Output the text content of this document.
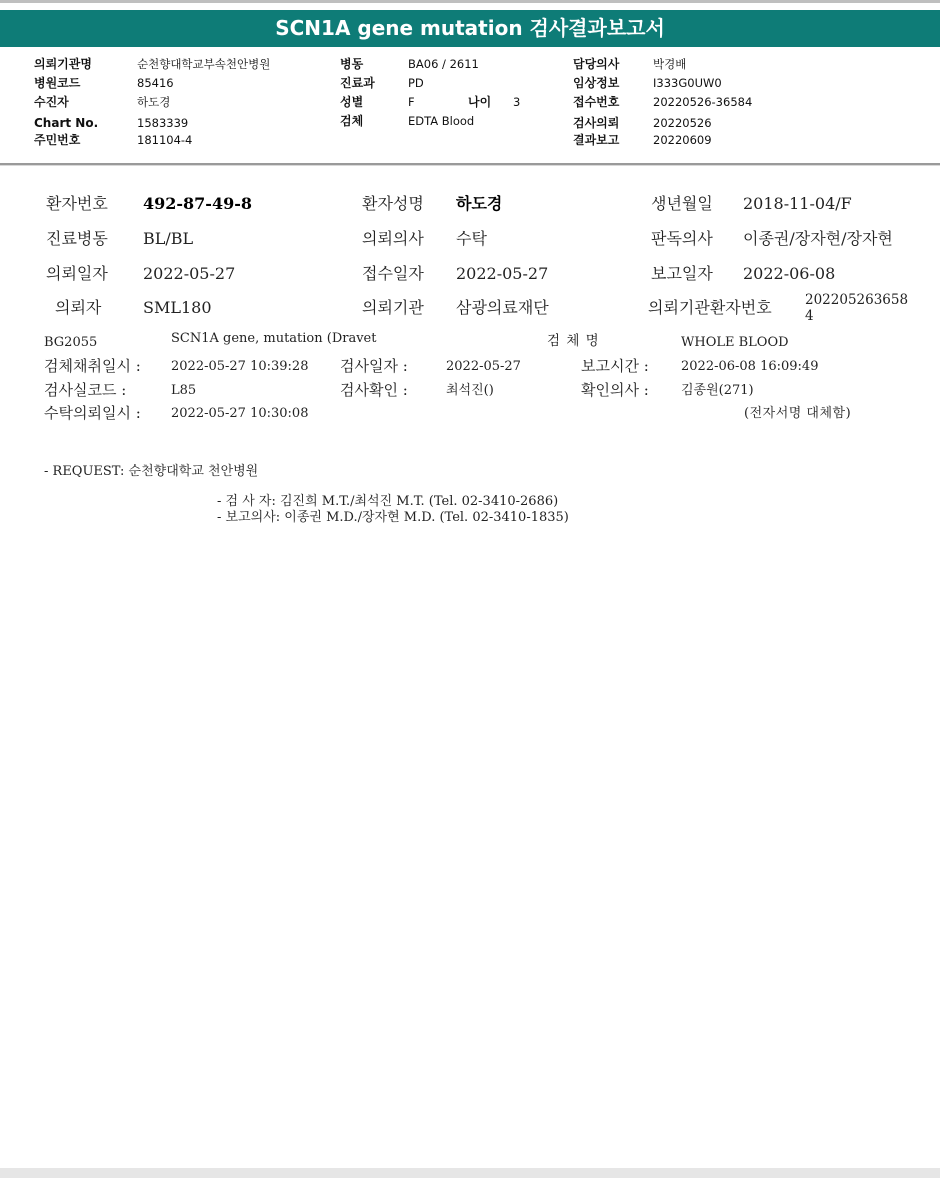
SCN1A gene mutation 검사결과보고서
의뢰기관명	순천향대학교부속천안병원
병원코드	85416
수진자	하도경
Chart No.	1583339
주민번호	181104-4
병동	BA06 / 2611
진료과	PD
성별	F	나이 3
검체	EDTA Blood
담당의사	박경배
임상정보	I333G0UW0
접수번호	20220526-36584
검사의뢰	20220526
결과보고	20220609
환자번호 492-87-49-8	환자성명 하도경	생년월일 2018-11-04/F
진료병동 BL/BL	의뢰의사 수탁	판독의사 이종권/장자현/장자현
의뢰일자 2022-05-27	접수일자 2022-05-27	보고일자 2022-06-08
의뢰자	SML180	의뢰기관 삼광의료재단	의뢰기관환자번호 202205263658
4
BG2055	SCN1A gene, mutation (Dravet	검 체 명	WHOLE BLOOD
검체채취일시 : 2022-05-27 10:39:28 검사일자 :	2022-05-27	보고시간 : 2022-06-08 16:09:49
검사실코드 :	L85	검사확인 :	최석진()	확인의사 : 김종원(271)
수탁의뢰일시 : 2022-05-27 10:30:08	(전자서명 대체함)
- REQUEST: 순천향대학교 천안병원
- 검 사 자: 김진희 M.T./최석진 M.T. (Tel. 02-3410-2686)
- 보고의사: 이종권 M.D./장자현 M.D. (Tel. 02-3410-1835)
